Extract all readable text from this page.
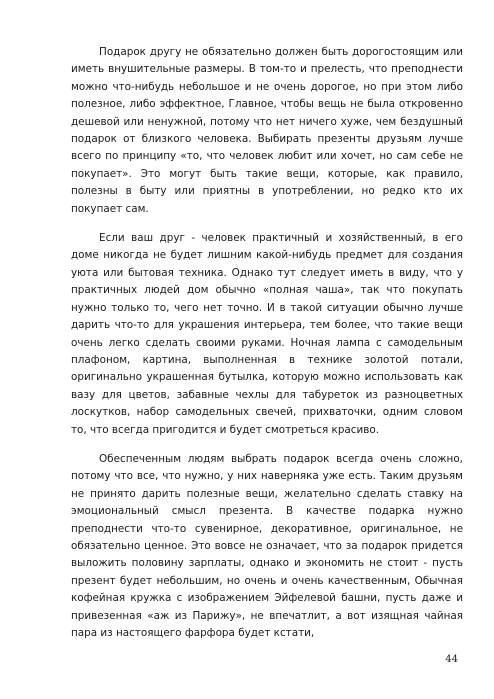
Подарок другу не обязательно должен быть дорогостоящим или иметь внушительные размеры. В том-то и прелесть, что преподнести можно что-нибудь небольшое и не очень дорогое, но при этом либо полезное, либо эффектное, Главное, чтобы вещь не была откровенно дешевой или ненужной, потому что нет ничего хуже, чем бездушный подарок от близкого человека. Выбирать презенты друзьям лучше всего по принципу «то, что человек любит или хочет, но сам себе не покупает». Это могут быть такие вещи, которые, как правило, полезны в быту или приятны в употреблении, но редко кто их покупает сам.

Если ваш друг - человек практичный и хозяйственный, в его доме никогда не будет лишним какой-нибудь предмет для создания уюта или бытовая техника. Однако тут следует иметь в виду, что у практичных людей дом обычно «полная чаша», так что покупать нужно только то, чего нет точно. И в такой ситуации обычно лучше дарить что-то для украшения интерьера, тем более, что такие вещи очень легко сделать своими руками. Ночная лампа с самодельным плафоном, картина, выполненная в технике золотой потали, оригинально украшенная бутылка, которую можно использовать как вазу для цветов, забавные чехлы для табуреток из разноцветных лоскутков, набор самодельных свечей, прихваточки, одним словом то, что всегда пригодится и будет смотреться красиво.

Обеспеченным людям выбрать подарок всегда очень сложно, потому что все, что нужно, у них наверняка уже есть. Таким друзьям не принято дарить полезные вещи, желательно сделать ставку на эмоциональный смысл презента. В качестве подарка нужно преподнести что-то сувенирное, декоративное, оригинальное, не обязательно ценное. Это вовсе не означает, что за подарок придется выложить половину зарплаты, однако и экономить не стоит - пусть презент будет небольшим, но очень и очень качественным, Обычная кофейная кружка с изображением Эйфелевой башни, пусть даже и привезенная «аж из Парижу», не впечатлит, а вот изящная чайная пара из настоящего фарфора будет кстати,

44
